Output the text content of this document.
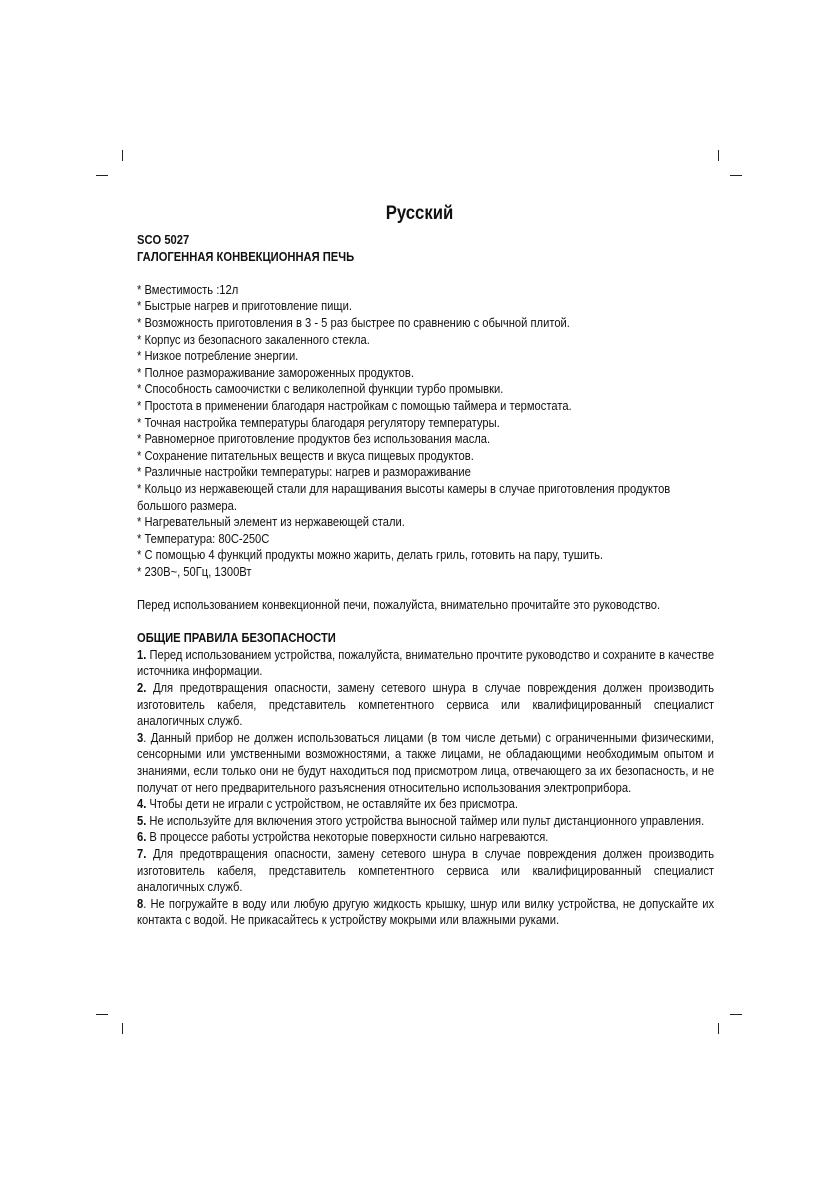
Русский

SCO 5027

ГАЛОГЕННАЯ КОНВЕКЦИОННАЯ ПЕЧЬ

* Вместимость :12л

* Быстрые нагрев и приготовление пищи.

* Возможность приготовления в 3 - 5 раз быстрее по сравнению с обычной плитой.

* Корпус из безопасного закаленного стекла.

* Низкое потребление энергии.

* Полное размораживание замороженных продуктов.

* Способность самоочистки с великолепной функции турбо промывки.

* Простота в применении благодаря настройкам с помощью таймера и термостата.

* Точная настройка температуры благодаря регулятору температуры.

* Равномерное приготовление продуктов без использования масла.

* Сохранение питательных веществ и вкуса пищевых продуктов.

* Различные настройки температуры: нагрев и размораживание

* Кольцо из нержавеющей стали для наращивания высоты камеры в случае приготовления продуктов большого размера.

* Нагревательный элемент из нержавеющей стали.

* Температура: 80C-250C

* С помощью 4 функций продукты можно жарить, делать гриль, готовить на пару, тушить.

* 230В~, 50Гц, 1300Вт

Перед использованием конвекционной печи, пожалуйста, внимательно прочитайте это руководство.

ОБЩИЕ ПРАВИЛА БЕЗОПАСНОСТИ

1. Перед использованием устройства, пожалуйста, внимательно прочтите руководство и сохраните в качестве источника информации.

2. Для предотвращения опасности, замену сетевого шнура в случае повреждения должен производить изготовитель кабеля, представитель компетентного сервиса или квалифицированный специалист аналогичных служб.

3. Данный прибор не должен использоваться лицами (в том числе детьми) с ограниченными физическими, сенсорными или умственными возможностями, а также лицами, не обладающими необходимым опытом и знаниями, если только они не будут находиться под присмотром лица, отвечающего за их безопасность, и не получат от него предварительного разъяснения относительно использования электроприбора.

4. Чтобы дети не играли с устройством, не оставляйте их без присмотра.

5. Не используйте для включения этого устройства выносной таймер или пульт дистанционного управления.

6. В процессе работы устройства некоторые поверхности сильно нагреваются.

7. Для предотвращения опасности, замену сетевого шнура в случае повреждения должен производить изготовитель кабеля, представитель компетентного сервиса или квалифицированный специалист аналогичных служб.

8. Не погружайте в воду или любую другую жидкость крышку, шнур или вилку устройства, не допускайте их контакта с водой. Не прикасайтесь к устройству мокрыми или влажными руками.
